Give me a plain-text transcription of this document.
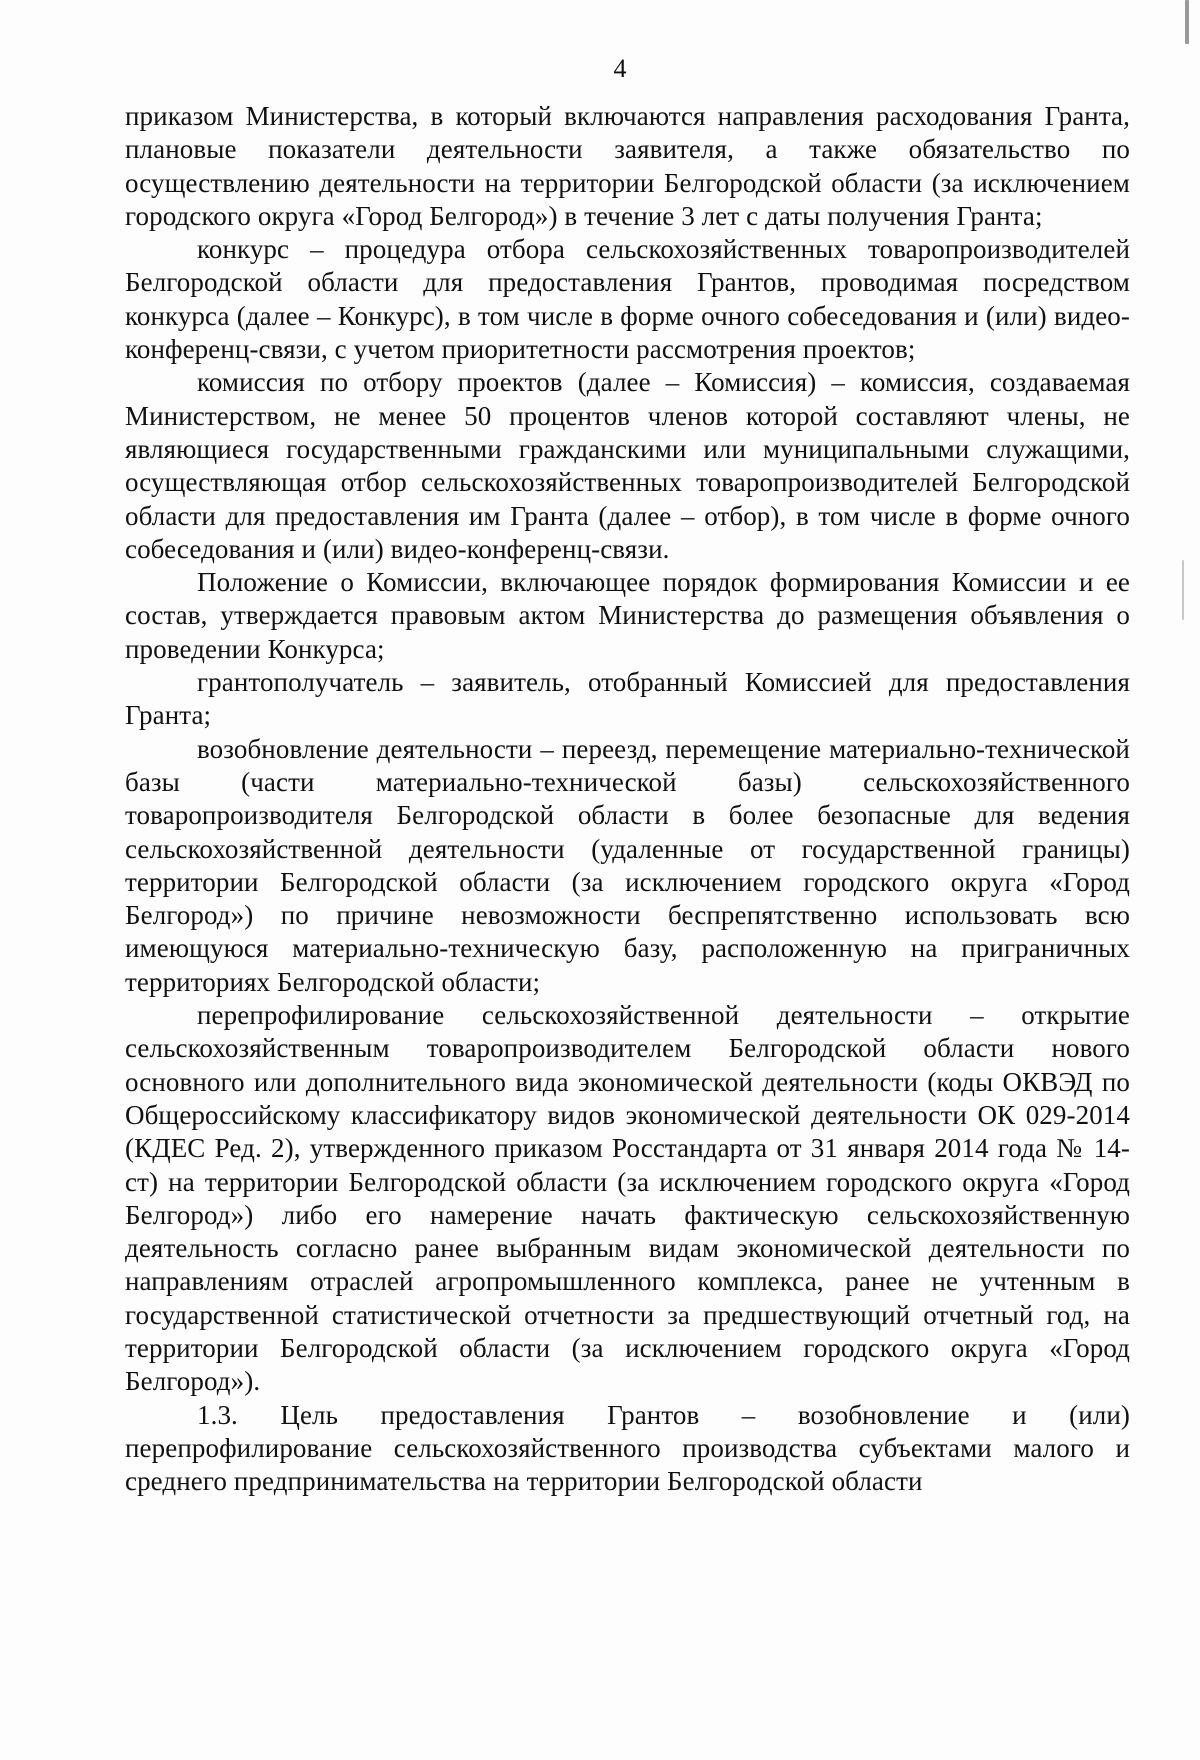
4

приказом Министерства, в который включаются направления расходования Гранта, плановые показатели деятельности заявителя, а также обязательство по осуществлению деятельности на территории Белгородской области (за исключением городского округа «Город Белгород») в течение 3 лет с даты получения Гранта;

конкурс – процедура отбора сельскохозяйственных товаропроизводителей Белгородской области для предоставления Грантов, проводимая посредством конкурса (далее – Конкурс), в том числе в форме очного собеседования и (или) видео-конференц-связи, с учетом приоритетности рассмотрения проектов;

комиссия по отбору проектов (далее – Комиссия) – комиссия, создаваемая Министерством, не менее 50 процентов членов которой составляют члены, не являющиеся государственными гражданскими или муниципальными служащими, осуществляющая отбор сельскохозяйственных товаропроизводителей Белгородской области для предоставления им Гранта (далее – отбор), в том числе в форме очного собеседования и (или) видео-конференц-связи.

Положение о Комиссии, включающее порядок формирования Комиссии и ее состав, утверждается правовым актом Министерства до размещения объявления о проведении Конкурса;

грантополучатель – заявитель, отобранный Комиссией для предоставления Гранта;

возобновление деятельности – переезд, перемещение материально-технической базы (части материально-технической базы) сельскохозяйственного товаропроизводителя Белгородской области в более безопасные для ведения сельскохозяйственной деятельности (удаленные от государственной границы) территории Белгородской области (за исключением городского округа «Город Белгород») по причине невозможности беспрепятственно использовать всю имеющуюся материально-техническую базу, расположенную на приграничных территориях Белгородской области;

перепрофилирование сельскохозяйственной деятельности – открытие сельскохозяйственным товаропроизводителем Белгородской области нового основного или дополнительного вида экономической деятельности (коды ОКВЭД по Общероссийскому классификатору видов экономической деятельности ОК 029-2014 (КДЕС Ред. 2), утвержденного приказом Росстандарта от 31 января 2014 года № 14-ст) на территории Белгородской области (за исключением городского округа «Город Белгород») либо его намерение начать фактическую сельскохозяйственную деятельность согласно ранее выбранным видам экономической деятельности по направлениям отраслей агропромышленного комплекса, ранее не учтенным в государственной статистической отчетности за предшествующий отчетный год, на территории Белгородской области (за исключением городского округа «Город Белгород»).

1.3. Цель предоставления Грантов – возобновление и (или) перепрофилирование сельскохозяйственного производства субъектами малого и среднего предпринимательства на территории Белгородской области
